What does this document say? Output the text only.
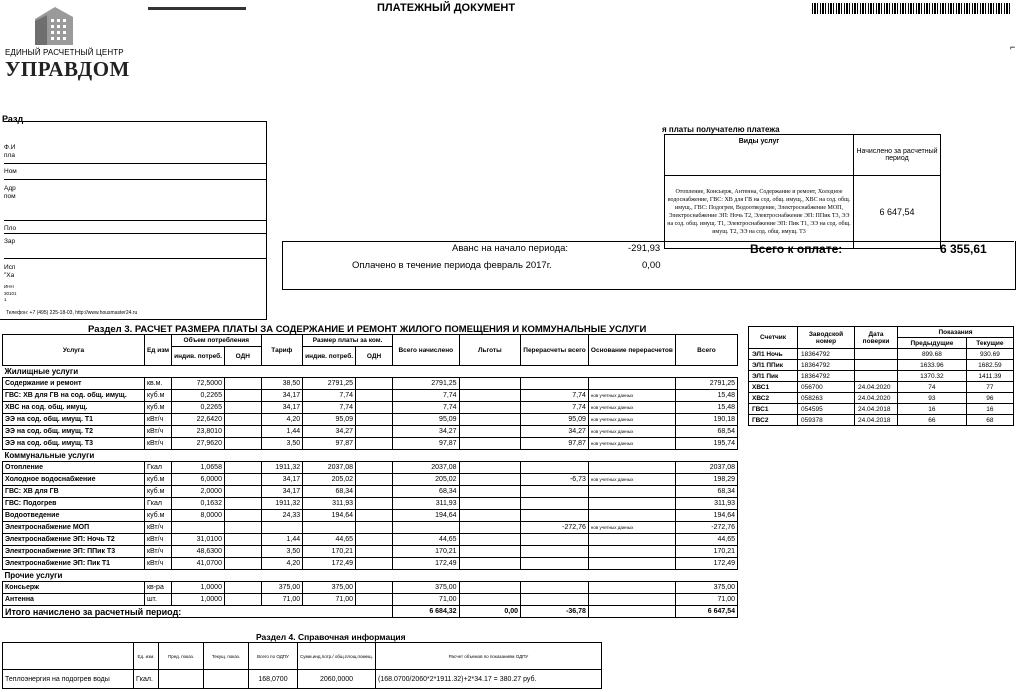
ЕДИНЫЙ РАСЧЕТНЫЙ ЦЕНТР
УПРАВДОМ
ПЛАТЕЖНЫЙ ДОКУМЕНТ
⌐
Разд
Ф.И
пла
Ном
Адр
пом
Пло
Зар
Исп
"Ха
ИНН
30101
1
Телефон: +7 (495) 225-18-03, http://www.housmaster24.ru
я платы получателю платежа
Виды услуг	Начислено за расчетный период
Отопление, Консьерж, Антенна, Содержание и ремонт, Холодное водоснабжение, ГВС: ХВ для ГВ на сод. общ. имущ., ХВС на сод. общ. имущ., ГВС: Подогрев, Водоотведение, Электроснабжение МОП, Электроснабжение ЭП: Ночь Т2, Электроснабжение ЭП: ППик Т3, ЭЭ на сод. общ. имущ. Т1, Электроснабжение ЭП: Пик Т1, ЭЭ на сод. общ. имущ. Т2, ЭЭ на сод. общ. имущ. Т3	6 647,54
Аванс на начало периода:	-291,93
Оплачено в течение периода февраль 2017г.	0,00
Всего к оплате:	6 355,61
Раздел 3. РАСЧЕТ РАЗМЕРА ПЛАТЫ ЗА СОДЕРЖАНИЕ И РЕМОНТ ЖИЛОГО ПОМЕЩЕНИЯ И КОММУНАЛЬНЫЕ УСЛУГИ
Услуга	Ед изм	Объем потребления		Тариф	Размер платы за ком.		Всего начислено	Льготы	Перерасчеты всего	Основание перерасчетов	Всего
		индив. потреб.	ОДН		индив. потреб.	ОДН					
Жилищные услуги											
Содержание и ремонт	кв.м.	72,5000		38,50	2791,25		2791,25				2791,25
ГВС: ХВ для ГВ на сод. общ. имущ.	куб.м	0,2265		34,17	7,74		7,74		7,74	нов учетных данных	15,48
ХВС на сод. общ. имущ.	куб.м	0,2265		34,17	7,74		7,74		7,74	нов учетных данных	15,48
ЭЭ на сод. общ. имущ. Т1	кВт/ч	22,6420		4,20	95,09		95,09		95,09	нов учетных данных	190,18
ЭЭ на сод. общ. имущ. Т2	кВт/ч	23,8010		1,44	34,27		34,27		34,27	нов учетных данных	68,54
ЭЭ на сод. общ. имущ. Т3	кВт/ч	27,9620		3,50	97,87		97,87		97,87	нов учетных данных	195,74
Коммунальные услуги											
Отопление	Гкал	1,0658		1911,32	2037,08		2037,08				2037,08
Холодное водоснабжение	куб.м	6,0000		34,17	205,02		205,02		-6,73	нов учетных данных	198,29
ГВС: ХВ для ГВ	куб.м	2,0000		34,17	68,34		68,34				68,34
ГВС: Подогрев	Гкал	0,1632		1911,32	311,93		311,93				311,93
Водоотведение	куб.м	8,0000		24,33	194,64		194,64				194,64
Электроснабжение МОП	кВт/ч								-272,76	нов учетных данных	-272,76
Электроснабжение ЭП: Ночь Т2	кВт/ч	31,0100		1,44	44,65		44,65				44,65
Электроснабжение ЭП: ППик Т3	кВт/ч	48,6300		3,50	170,21		170,21				170,21
Электроснабжение ЭП: Пик Т1	кВт/ч	41,0700		4,20	172,49		172,49				172,49
Прочие услуги											
Консьерж	кв-ра	1,0000		375,00	375,00		375,00				375,00
Антенна	шт.	1,0000		71,00	71,00		71,00				71,00
Итого начислено за расчетный период:							6 684,32	0,00	-36,78		6 647,54
Счетчик	Заводской номер	Дата поверки	Показания	
			Предыдущие	Текущие
ЭЛ1 Ночь	18364792		899.68	930.69
ЭЛ1 ППик	18364792		1633.96	1682.59
ЭЛ1 Пик	18364792		1370.32	1411.39
ХВС1	056700	24.04.2020	74	77
ХВС2	058263	24.04.2020	93	96
ГВС1	054595	24.04.2018	16	16
ГВС2	059378	24.04.2018	66	68
Раздел 4. Справочная информация
	Ед. изм.	Пред. показ.	Текущ. показ.	Всего по ОДПУ	Сумм.инд.потр./ общ.площ.помещ.	Расчет объемов по показаниям ОДПУ
Теплоэнергия на подогрев воды	Гкал.			168,0700	2060,0000	(168.0700/2060*2*1911.32)+2*34.17 = 380.27 руб.
